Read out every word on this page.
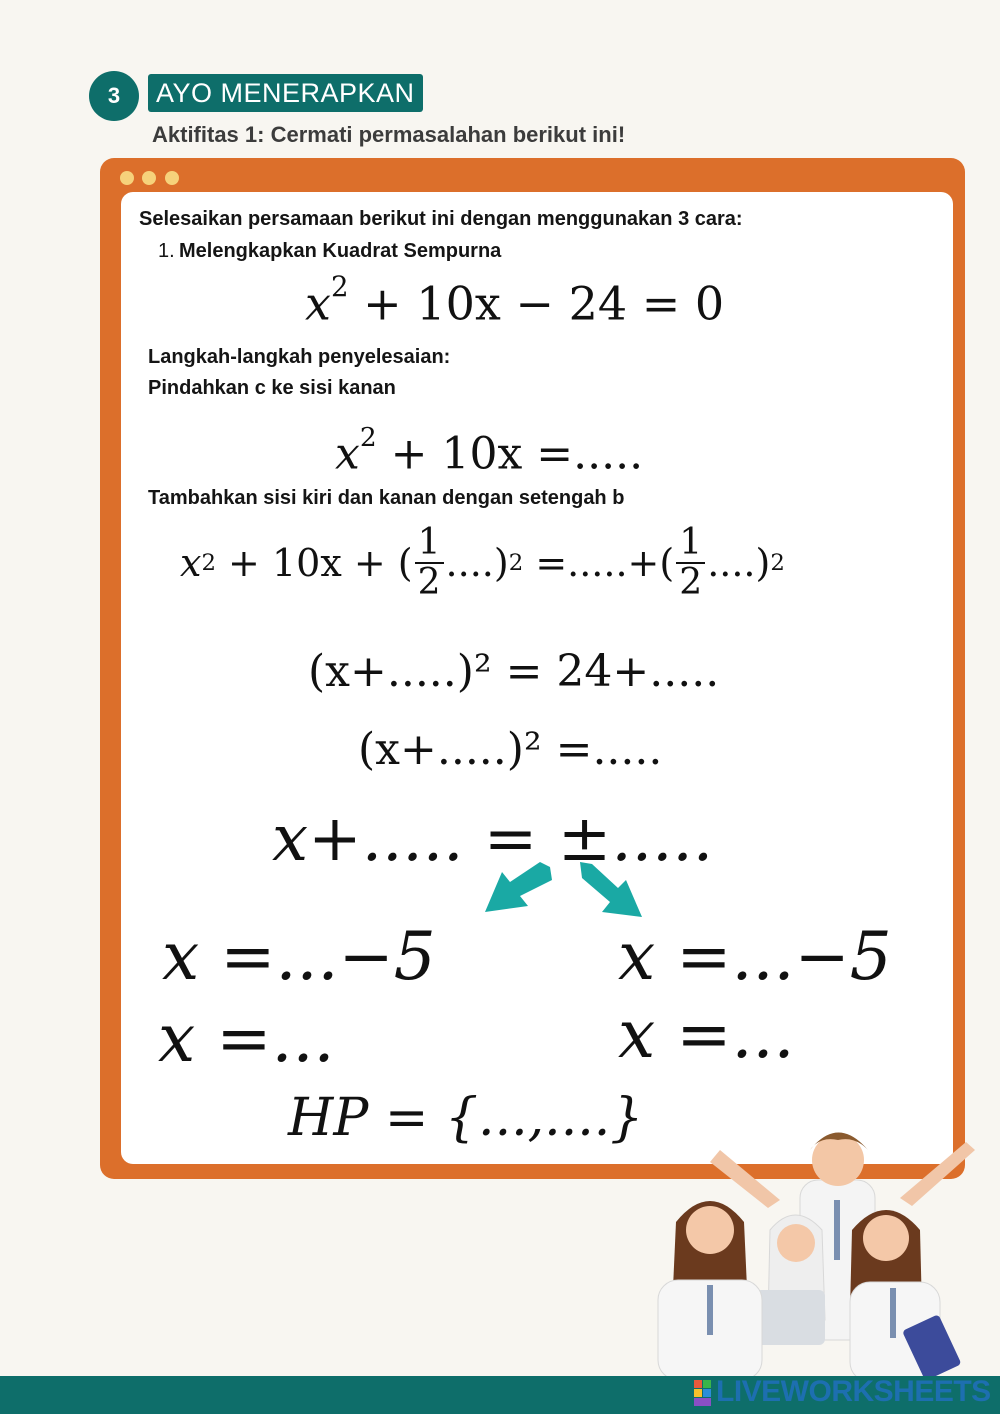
3	AYO MENERAPKAN
Aktifitas 1: Cermati permasalahan berikut ini!
Selesaikan persamaan berikut ini dengan menggunakan 3 cara:
1. Melengkapkan Kuadrat Sempurna
$x^2 + 10x - 24 = 0$
Langkah-langkah penyelesaian:
Pindahkan c ke sisi kanan
$x^2 + 10x$ =.....
Tambahkan sisi kiri dan kanan dengan setengah b
x 2
+ 10x + ( $\frac{1}{2}$ ....) 2
=.....+( $\frac{1}{2}$ ....) 2
(x+.....)² = 24+.....
(x+.....)² =.....
x+..... = ±.....
x =...−5
x =...
x =...−5
x =...
HP = {...,....}
LIVEWORKSHEETS
